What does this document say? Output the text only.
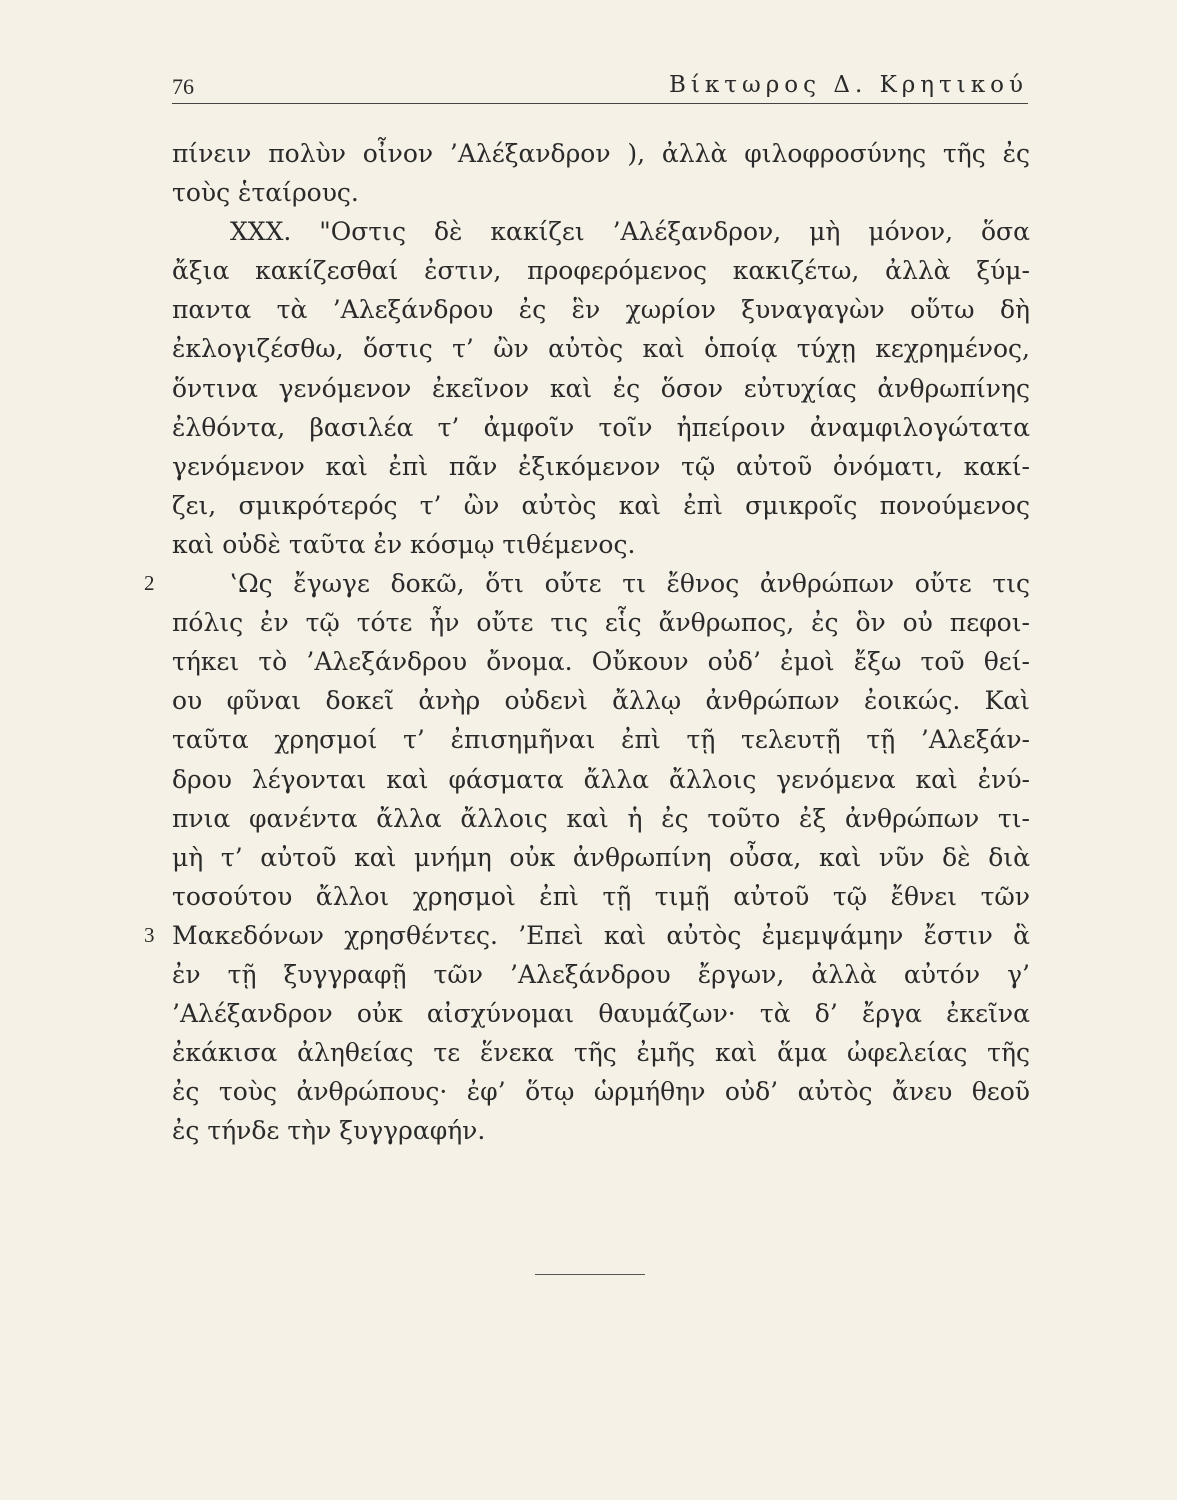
76	Βίκτωρος Δ. Κρητικού
πίνειν πολὺν οἶνον ’Αλέξανδρον ), ἀλλὰ φιλοφροσύνης τῆς ἐς
τοὺς ἑταίρους.
XXX. "Οστις δὲ κακίζει ’Αλέξανδρον, μὴ μόνον, ὅσα
ἄξια κακίζεσθαί ἐστιν, προφερόμενος κακιζέτω, ἀλλὰ ξύμ-
παντα τὰ ’Αλεξάνδρου ἐς ἓν χωρίον ξυναγαγὼν οὕτω δὴ
ἐκλογιζέσθω, ὅστις τ’ ὢν αὐτὸς καὶ ὁποίᾳ τύχῃ κεχρημένος,
ὅντινα γενόμενον ἐκεῖνον καὶ ἐς ὅσον εὐτυχίας ἀνθρωπίνης
ἐλθόντα, βασιλέα τ’ ἀμφοῖν τοῖν ἠπείροιν ἀναμφιλογώτατα
γενόμενον καὶ ἐπὶ πᾶν ἐξικόμενον τῷ αὐτοῦ ὀνόματι, κακί-
ζει, σμικρότερός τ’ ὢν αὐτὸς καὶ ἐπὶ σμικροῖς πονούμενος
καὶ οὐδὲ ταῦτα ἐν κόσμῳ τιθέμενος.
2	‛Ως ἔγωγε δοκῶ, ὅτι οὔτε τι ἔθνος ἀνθρώπων οὔτε τις
πόλις ἐν τῷ τότε ἦν οὔτε τις εἷς ἄνθρωπος, ἐς ὃν οὐ πεφοι-
τήκει τὸ ’Αλεξάνδρου ὄνομα. Οὔκουν οὐδ’ ἐμοὶ ἔξω τοῦ θεί-
ου φῦναι δοκεῖ ἀνὴρ οὐδενὶ ἄλλῳ ἀνθρώπων ἐοικώς. Καὶ
ταῦτα χρησμοί τ’ ἐπισημῆναι ἐπὶ τῇ τελευτῇ τῇ ’Αλεξάν-
δρου λέγονται καὶ φάσματα ἄλλα ἄλλοις γενόμενα καὶ ἐνύ-
πνια φανέντα ἄλλα ἄλλοις καὶ ἡ ἐς τοῦτο ἐξ ἀνθρώπων τι-
μὴ τ’ αὐτοῦ καὶ μνήμη οὐκ ἀνθρωπίνη οὖσα, καὶ νῦν δὲ διὰ
τοσούτου ἄλλοι χρησμοὶ ἐπὶ τῇ τιμῇ αὐτοῦ τῷ ἔθνει τῶν
3 Μακεδόνων χρησθέντες. ’Επεὶ καὶ αὐτὸς ἐμεμψάμην ἔστιν ἃ
ἐν τῇ ξυγγραφῇ τῶν ’Αλεξάνδρου ἔργων, ἀλλὰ αὐτόν γ’
’Αλέξανδρον οὐκ αἰσχύνομαι θαυμάζων· τὰ δ’ ἔργα ἐκεῖνα
ἐκάκισα ἀληθείας τε ἕνεκα τῆς ἐμῆς καὶ ἅμα ὠφελείας τῆς
ἐς τοὺς ἀνθρώπους· ἐφ’ ὅτῳ ὡρμήθην οὐδ’ αὐτὸς ἄνευ θεοῦ
ἐς τήνδε τὴν ξυγγραφήν.
